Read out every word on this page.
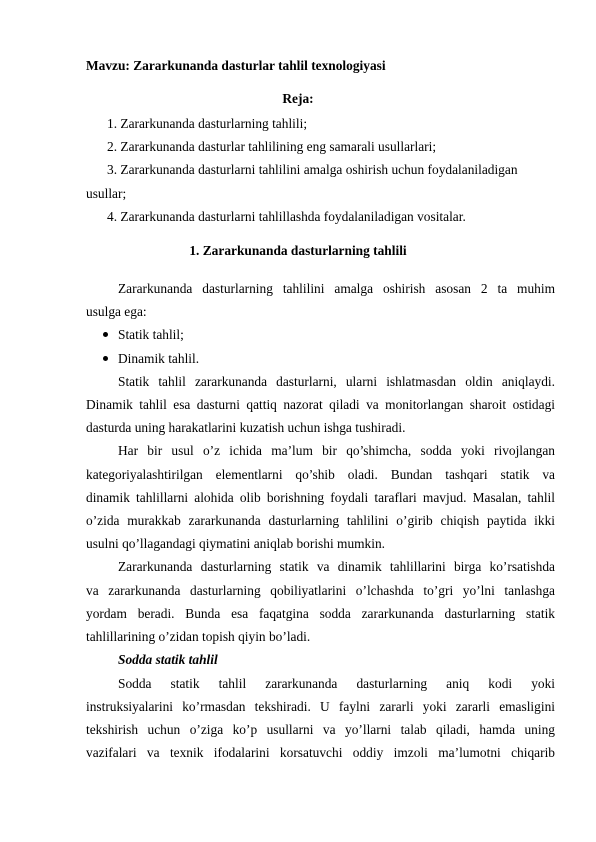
Mavzu: Zararkunanda dasturlar tahlil texnologiyasi
Reja:
1. Zararkunanda dasturlarning tahlili;
2. Zararkunanda dasturlar tahlilining eng samarali usullarlari;
3. Zararkunanda dasturlarni tahlilini amalga oshirish uchun foydalaniladigan
usullar;
4. Zararkunanda dasturlarni tahlillashda foydalaniladigan vositalar.
1. Zararkunanda dasturlarning tahlili
Zararkunanda dasturlarning tahlilini amalga oshirish asosan 2 ta muhim
usulga ega:
Statik tahlil;
Dinamik tahlil.
Statik tahlil zararkunanda dasturlarni, ularni ishlatmasdan oldin aniqlaydi.
Dinamik tahlil esa dasturni qattiq nazorat qiladi va monitorlangan sharoit ostidagi
dasturda uning harakatlarini kuzatish uchun ishga tushiradi.
Har bir usul o’z ichida ma’lum bir qo’shimcha, sodda yoki rivojlangan
kategoriyalashtirilgan elementlarni qo’shib oladi. Bundan tashqari statik va
dinamik tahlillarni alohida olib borishning foydali taraflari mavjud. Masalan, tahlil
o’zida murakkab zararkunanda dasturlarning tahlilini o’girib chiqish paytida ikki
usulni qo’llagandagi qiymatini aniqlab borishi mumkin.
Zararkunanda dasturlarning statik va dinamik tahlillarini birga ko’rsatishda
va zararkunanda dasturlarning qobiliyatlarini o’lchashda to’gri yo’lni tanlashga
yordam beradi. Bunda esa faqatgina sodda zararkunanda dasturlarning statik
tahlillarining o’zidan topish qiyin bo’ladi.
Sodda statik tahlil
Sodda statik tahlil zararkunanda dasturlarning aniq kodi yoki
instruksiyalarini ko’rmasdan tekshiradi. U faylni zararli yoki zararli emasligini
tekshirish uchun o’ziga ko’p usullarni va yo’llarni talab qiladi, hamda uning
vazifalari va texnik ifodalarini korsatuvchi oddiy imzoli ma’lumotni chiqarib
